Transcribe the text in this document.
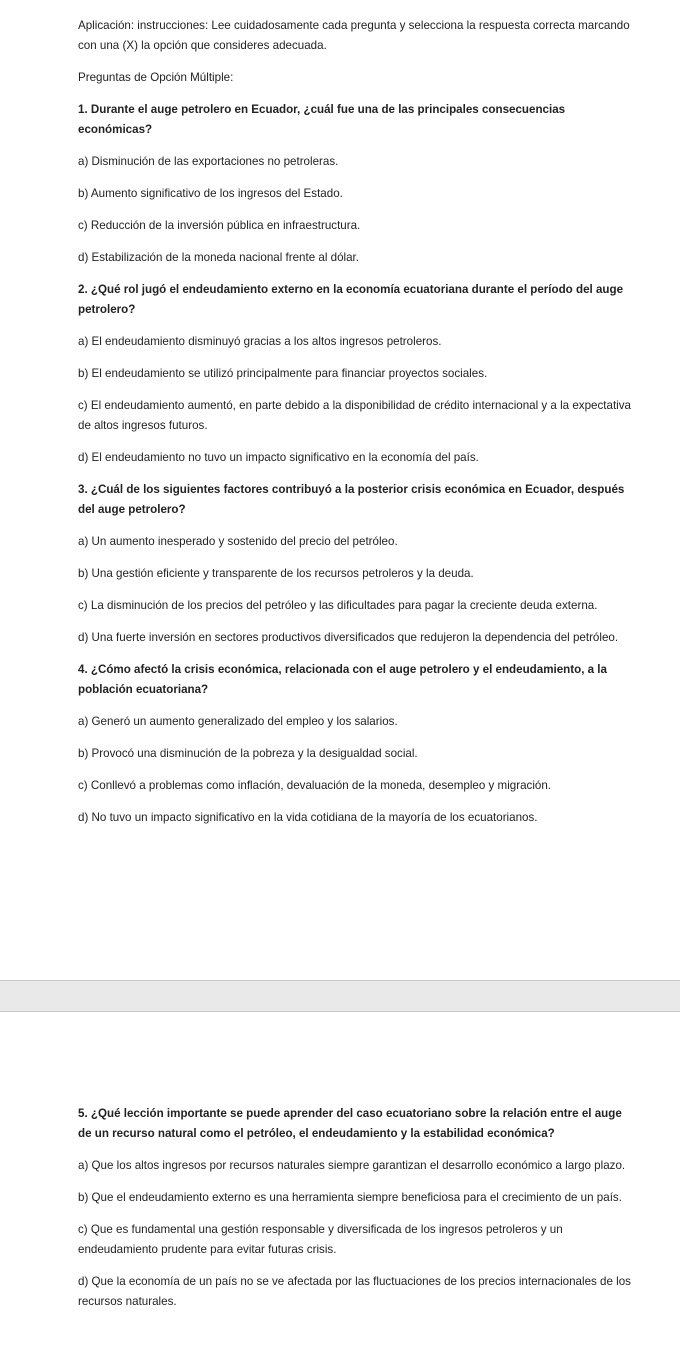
Aplicación: instrucciones: Lee cuidadosamente cada pregunta y selecciona la respuesta correcta marcando con una (X) la opción que consideres adecuada.

Preguntas de Opción Múltiple:

1. Durante el auge petrolero en Ecuador, ¿cuál fue una de las principales consecuencias económicas?

a) Disminución de las exportaciones no petroleras.

b) Aumento significativo de los ingresos del Estado.

c) Reducción de la inversión pública en infraestructura.

d) Estabilización de la moneda nacional frente al dólar.

2. ¿Qué rol jugó el endeudamiento externo en la economía ecuatoriana durante el período del auge petrolero?

a) El endeudamiento disminuyó gracias a los altos ingresos petroleros.

b) El endeudamiento se utilizó principalmente para financiar proyectos sociales.

c) El endeudamiento aumentó, en parte debido a la disponibilidad de crédito internacional y a la expectativa de altos ingresos futuros.

d) El endeudamiento no tuvo un impacto significativo en la economía del país.

3. ¿Cuál de los siguientes factores contribuyó a la posterior crisis económica en Ecuador, después del auge petrolero?

a) Un aumento inesperado y sostenido del precio del petróleo.

b) Una gestión eficiente y transparente de los recursos petroleros y la deuda.

c) La disminución de los precios del petróleo y las dificultades para pagar la creciente deuda externa.

d) Una fuerte inversión en sectores productivos diversificados que redujeron la dependencia del petróleo.

4. ¿Cómo afectó la crisis económica, relacionada con el auge petrolero y el endeudamiento, a la población ecuatoriana?

a) Generó un aumento generalizado del empleo y los salarios.

b) Provocó una disminución de la pobreza y la desigualdad social.

c) Conllevó a problemas como inflación, devaluación de la moneda, desempleo y migración.

d) No tuvo un impacto significativo en la vida cotidiana de la mayoría de los ecuatorianos.

5. ¿Qué lección importante se puede aprender del caso ecuatoriano sobre la relación entre el auge de un recurso natural como el petróleo, el endeudamiento y la estabilidad económica?

a) Que los altos ingresos por recursos naturales siempre garantizan el desarrollo económico a largo plazo.

b) Que el endeudamiento externo es una herramienta siempre beneficiosa para el crecimiento de un país.

c) Que es fundamental una gestión responsable y diversificada de los ingresos petroleros y un endeudamiento prudente para evitar futuras crisis.

d) Que la economía de un país no se ve afectada por las fluctuaciones de los precios internacionales de los recursos naturales.
